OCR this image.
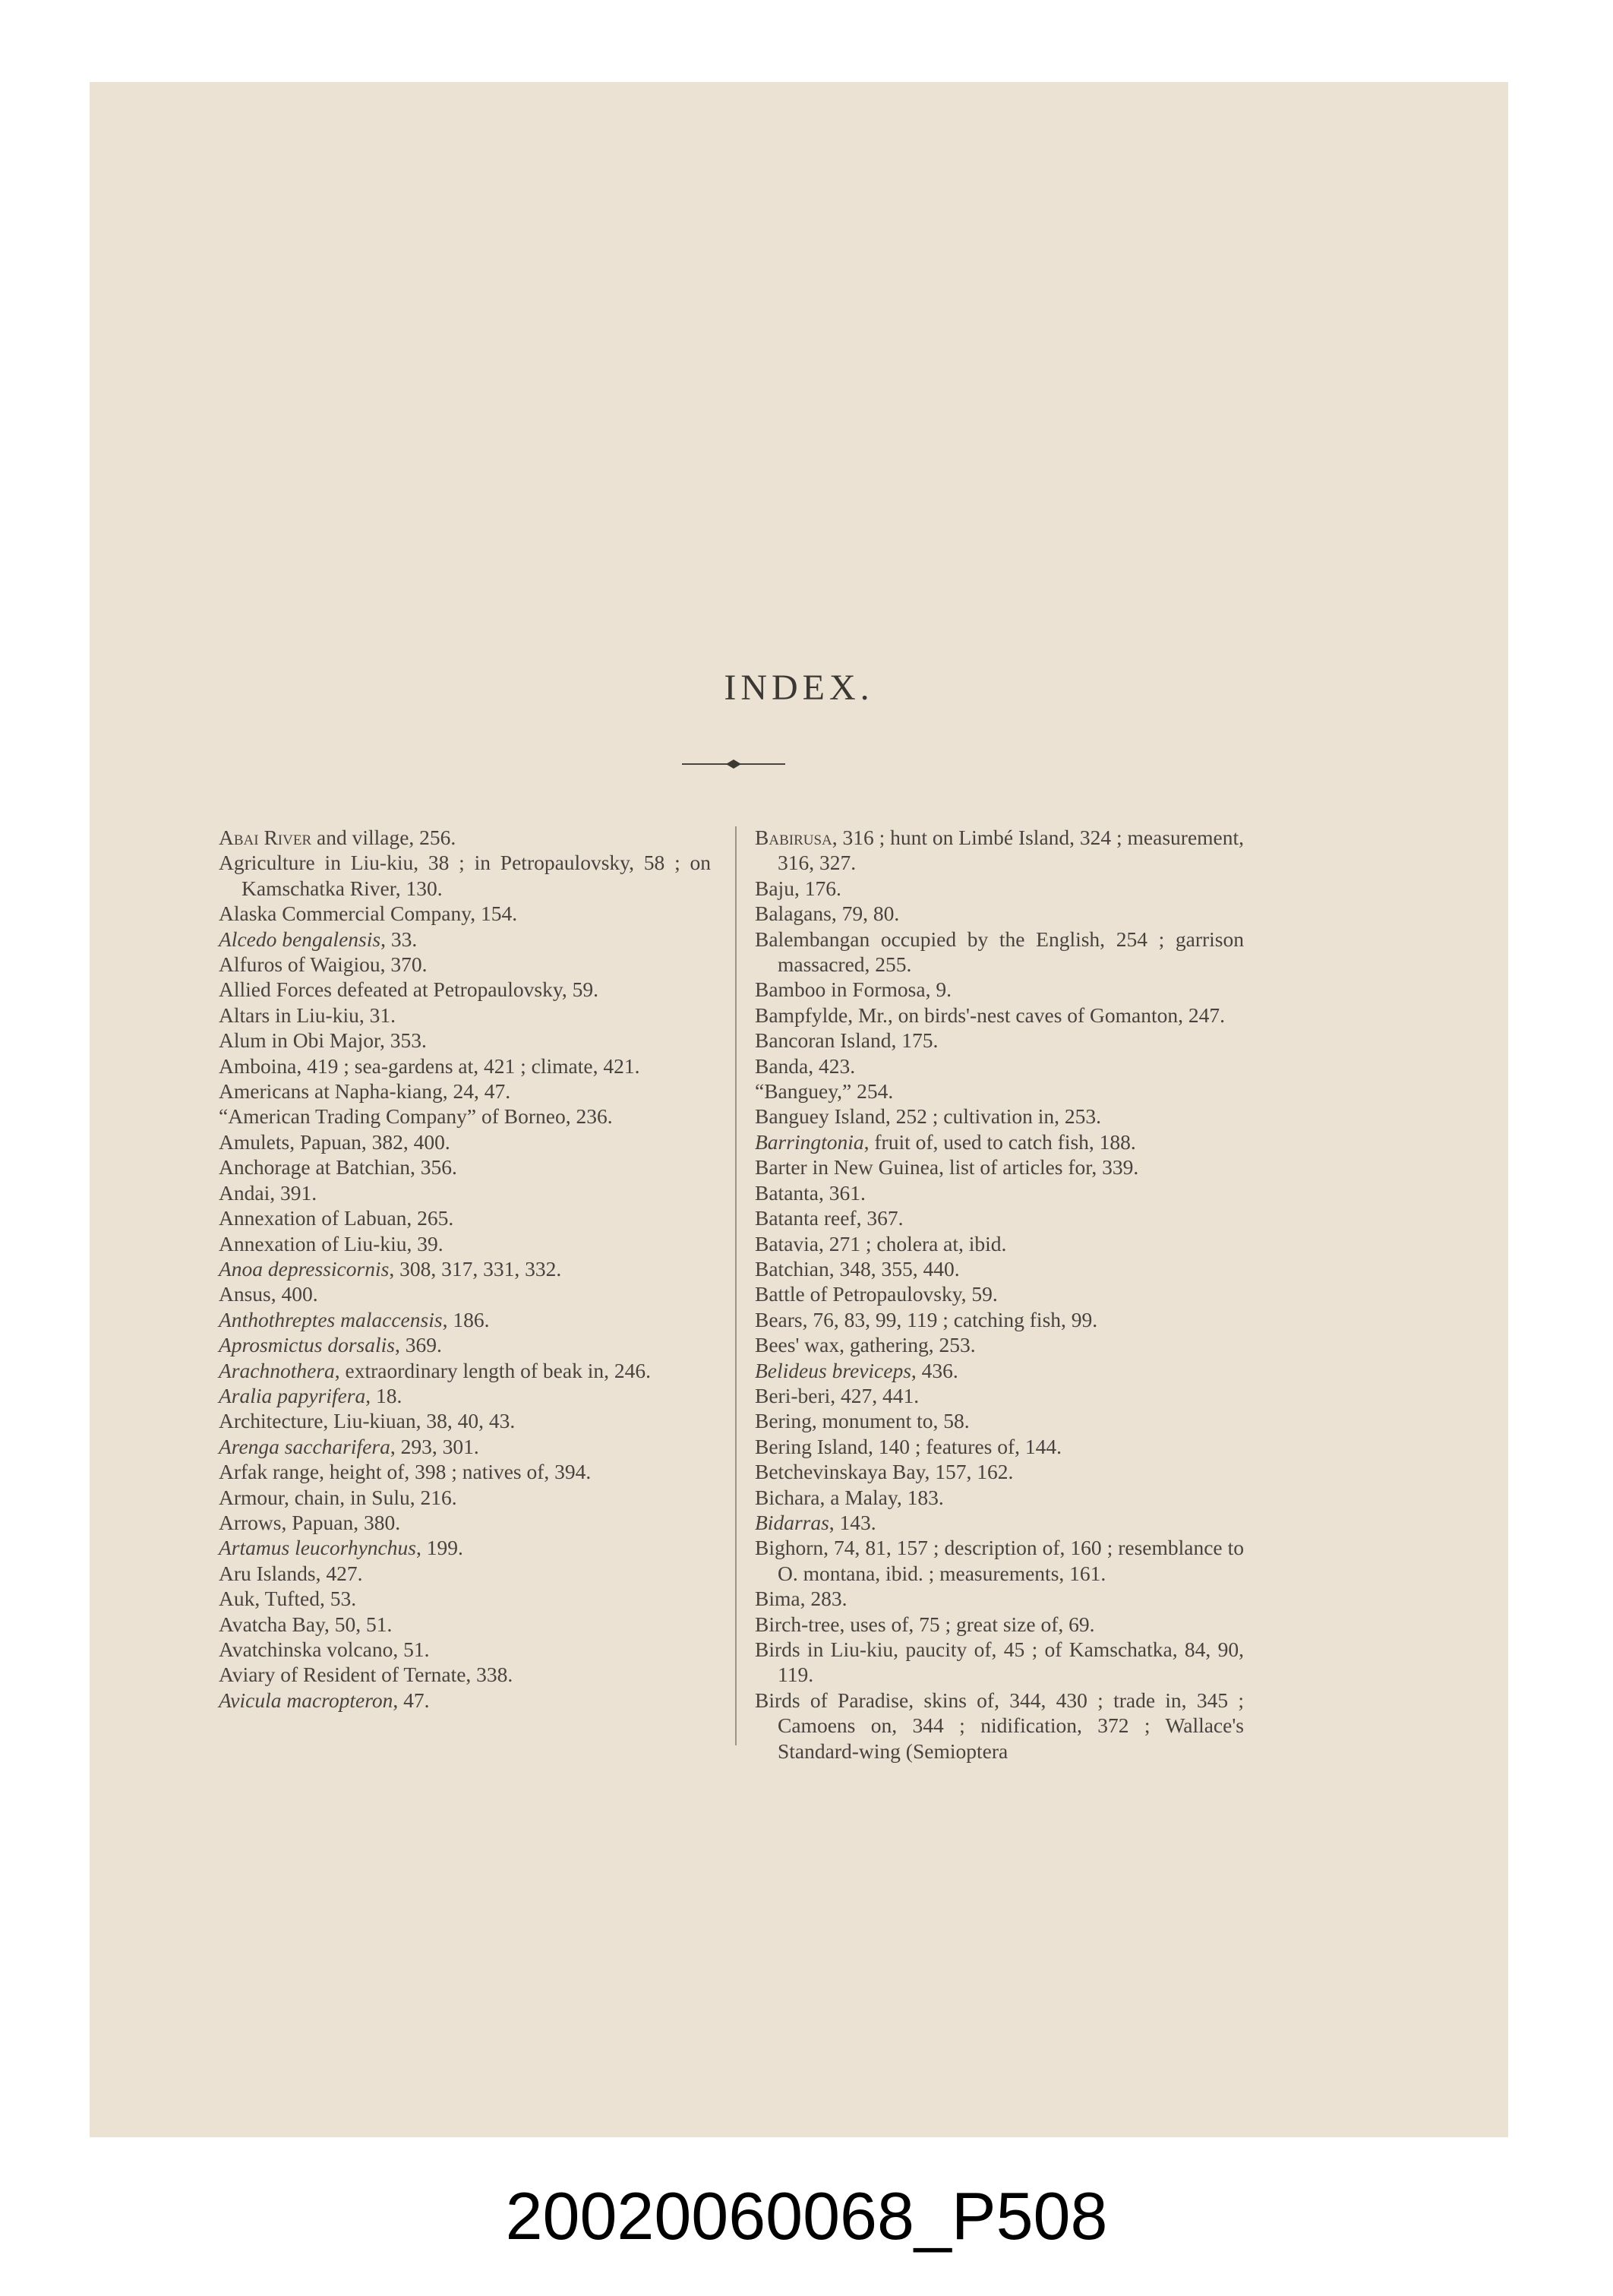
INDEX.
Abai River and village, 256.
Agriculture in Liu-kiu, 38 ; in Petropaulovsky, 58 ; on Kamschatka River, 130.
Alaska Commercial Company, 154.
Alcedo bengalensis, 33.
Alfuros of Waigiou, 370.
Allied Forces defeated at Petropaulovsky, 59.
Altars in Liu-kiu, 31.
Alum in Obi Major, 353.
Amboina, 419 ; sea-gardens at, 421 ; climate, 421.
Americans at Napha-kiang, 24, 47.
“American Trading Company” of Borneo, 236.
Amulets, Papuan, 382, 400.
Anchorage at Batchian, 356.
Andai, 391.
Annexation of Labuan, 265.
Annexation of Liu-kiu, 39.
Anoa depressicornis, 308, 317, 331, 332.
Ansus, 400.
Anthothreptes malaccensis, 186.
Aprosmictus dorsalis, 369.
Arachnothera, extraordinary length of beak in, 246.
Aralia papyrifera, 18.
Architecture, Liu-kiuan, 38, 40, 43.
Arenga saccharifera, 293, 301.
Arfak range, height of, 398 ; natives of, 394.
Armour, chain, in Sulu, 216.
Arrows, Papuan, 380.
Artamus leucorhynchus, 199.
Aru Islands, 427.
Auk, Tufted, 53.
Avatcha Bay, 50, 51.
Avatchinska volcano, 51.
Aviary of Resident of Ternate, 338.
Avicula macropteron, 47.
Babirusa, 316 ; hunt on Limbé Island, 324 ; measurement, 316, 327.
Baju, 176.
Balagans, 79, 80.
Balembangan occupied by the English, 254 ; garrison massacred, 255.
Bamboo in Formosa, 9.
Bampfylde, Mr., on birds'-nest caves of Gomanton, 247.
Bancoran Island, 175.
Banda, 423.
“Banguey,” 254.
Banguey Island, 252 ; cultivation in, 253.
Barringtonia, fruit of, used to catch fish, 188.
Barter in New Guinea, list of articles for, 339.
Batanta, 361.
Batanta reef, 367.
Batavia, 271 ; cholera at, ibid.
Batchian, 348, 355, 440.
Battle of Petropaulovsky, 59.
Bears, 76, 83, 99, 119 ; catching fish, 99.
Bees' wax, gathering, 253.
Belideus breviceps, 436.
Beri-beri, 427, 441.
Bering, monument to, 58.
Bering Island, 140 ; features of, 144.
Betchevinskaya Bay, 157, 162.
Bichara, a Malay, 183.
Bidarras, 143.
Bighorn, 74, 81, 157 ; description of, 160 ; resemblance to O. montana, ibid. ; measurements, 161.
Bima, 283.
Birch-tree, uses of, 75 ; great size of, 69.
Birds in Liu-kiu, paucity of, 45 ; of Kamschatka, 84, 90, 119.
Birds of Paradise, skins of, 344, 430 ; trade in, 345 ; Camoens on, 344 ; nidification, 372 ; Wallace's Standard-wing (Semioptera
20020060068_P508
